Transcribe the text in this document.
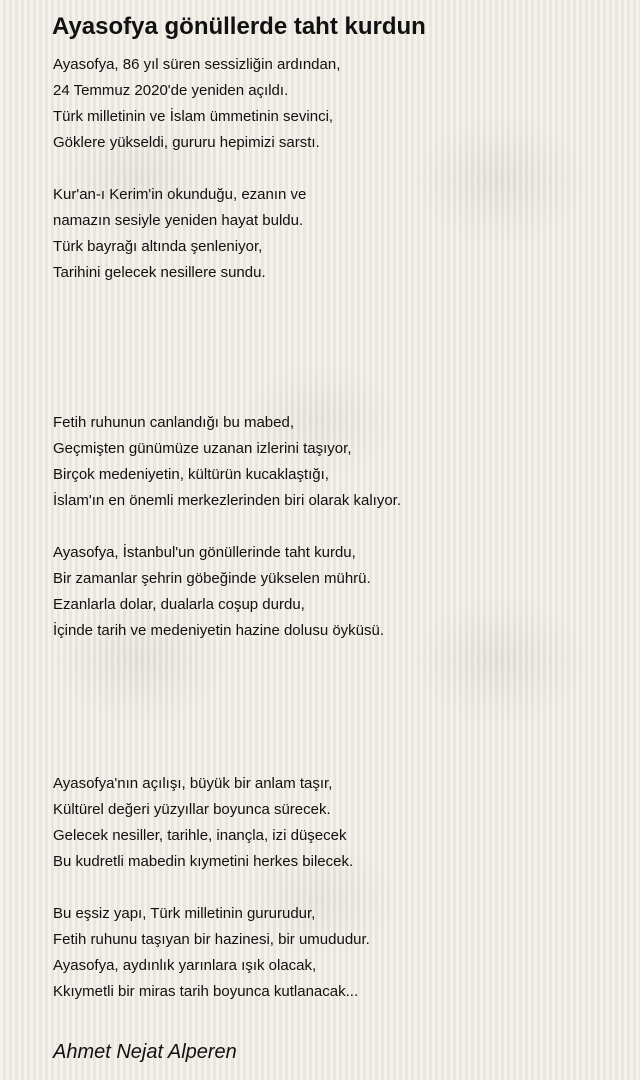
Ayasofya gönüllerde taht kurdun
Ayasofya, 86 yıl süren sessizliğin ardından,
24 Temmuz 2020'de yeniden açıldı.
Türk milletinin ve İslam ümmetinin sevinci,
Göklere yükseldi, gururu hepimizi sarstı.
Kur'an-ı Kerim'in okunduğu, ezanın ve
namazın sesiyle yeniden hayat buldu.
Türk bayrağı altında şenleniyor,
Tarihini gelecek nesillere sundu.
Fetih ruhunun canlandığı bu mabed,
Geçmişten günümüze uzanan izlerini taşıyor,
Birçok medeniyetin, kültürün kucaklaştığı,
İslam'ın en önemli merkezlerinden biri olarak kalıyor.
Ayasofya, İstanbul'un gönüllerinde taht kurdu,
Bir zamanlar şehrin göbeğinde yükselen mührü.
Ezanlarla dolar, dualarla coşup durdu,
İçinde tarih ve medeniyetin hazine dolusu öyküsü.
Ayasofya'nın açılışı, büyük bir anlam taşır,
Kültürel değeri yüzyıllar boyunca sürecek.
Gelecek nesiller, tarihle, inançla, izi düşecek
Bu kudretli mabedin kıymetini herkes bilecek.
Bu eşsiz yapı, Türk milletinin gururudur,
Fetih ruhunu taşıyan bir hazinesi, bir umududur.
Ayasofya, aydınlık yarınlara ışık olacak,
Kkıymetli bir miras tarih boyunca kutlanacak...
Ahmet Nejat Alperen
